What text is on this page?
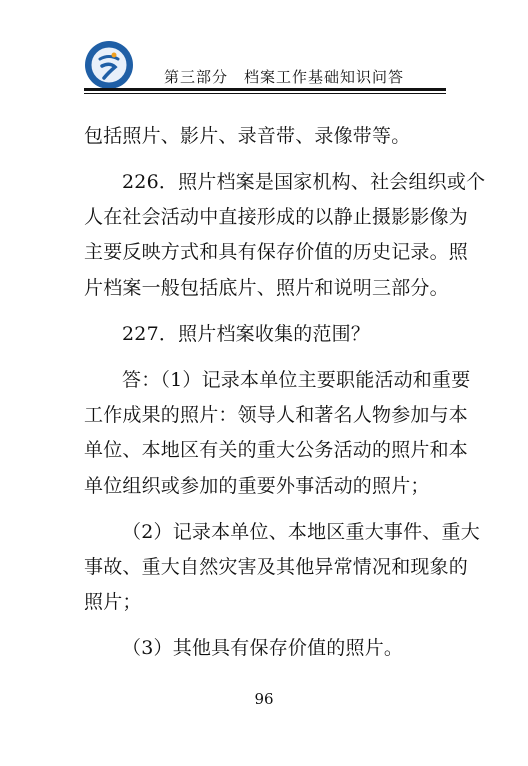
第三部分　档案工作基础知识问答
包括照片、影片、录音带、录像带等。
226．照片档案是国家机构、社会组织或个
人在社会活动中直接形成的以静止摄影影像为
主要反映方式和具有保存价值的历史记录。照
片档案一般包括底片、照片和说明三部分。
227．照片档案收集的范围？
答：（1）记录本单位主要职能活动和重要
工作成果的照片：领导人和著名人物参加与本
单位、本地区有关的重大公务活动的照片和本
单位组织或参加的重要外事活动的照片；
（2）记录本单位、本地区重大事件、重大
事故、重大自然灾害及其他异常情况和现象的
照片；
（3）其他具有保存价值的照片。
96
